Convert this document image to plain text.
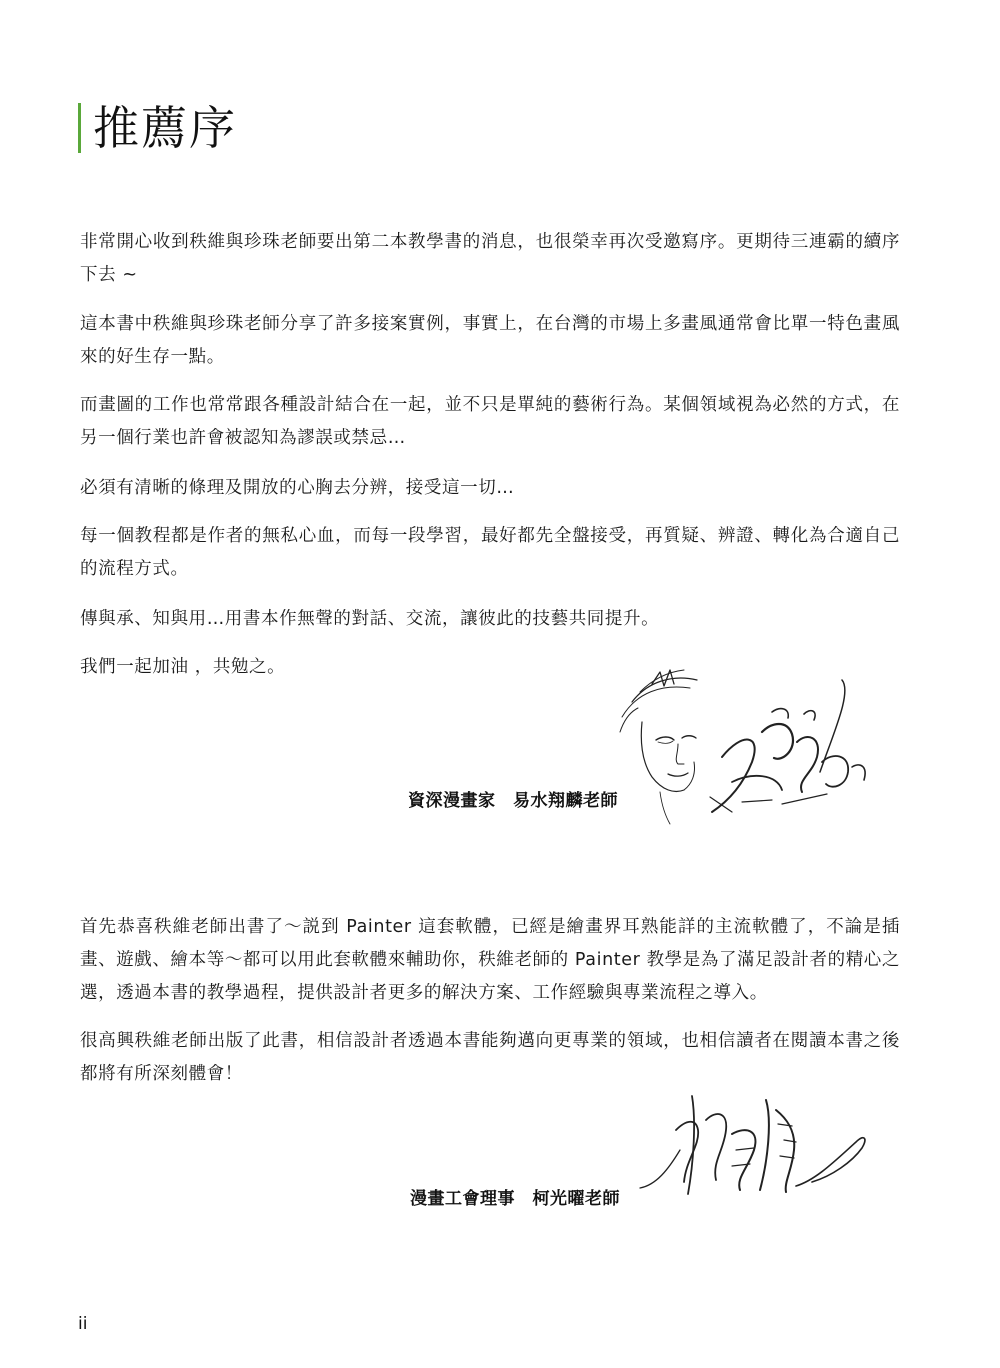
推薦序

非常開心收到秩維與珍珠老師要出第二本教學書的消息，也很榮幸再次受邀寫序。更期待三連霸的續序下去 ~

這本書中秩維與珍珠老師分享了許多接案實例，事實上，在台灣的市場上多畫風通常會比單一特色畫風來的好生存一點。

而畫圖的工作也常常跟各種設計結合在一起，並不只是單純的藝術行為。某個領域視為必然的方式，在另一個行業也許會被認知為謬誤或禁忌…

必須有清晰的條理及開放的心胸去分辨，接受這一切…

每一個教程都是作者的無私心血，而每一段學習，最好都先全盤接受，再質疑、辨證、轉化為合適自己的流程方式。

傳與承、知與用…用書本作無聲的對話、交流，讓彼此的技藝共同提升。

我們一起加油 ，共勉之。

資深漫畫家　易水翔麟老師

首先恭喜秩維老師出書了～説到 Painter 這套軟體，已經是繪畫界耳熟能詳的主流軟體了，不論是插畫、遊戲、繪本等～都可以用此套軟體來輔助你，秩維老師的 Painter 教學是為了滿足設計者的精心之選，透過本書的教學過程，提供設計者更多的解決方案、工作經驗與專業流程之導入。

很高興秩維老師出版了此書，相信設計者透過本書能夠邁向更專業的領域，也相信讀者在閱讀本書之後都將有所深刻體會！

漫畫工會理事　柯光曜老師
ii
